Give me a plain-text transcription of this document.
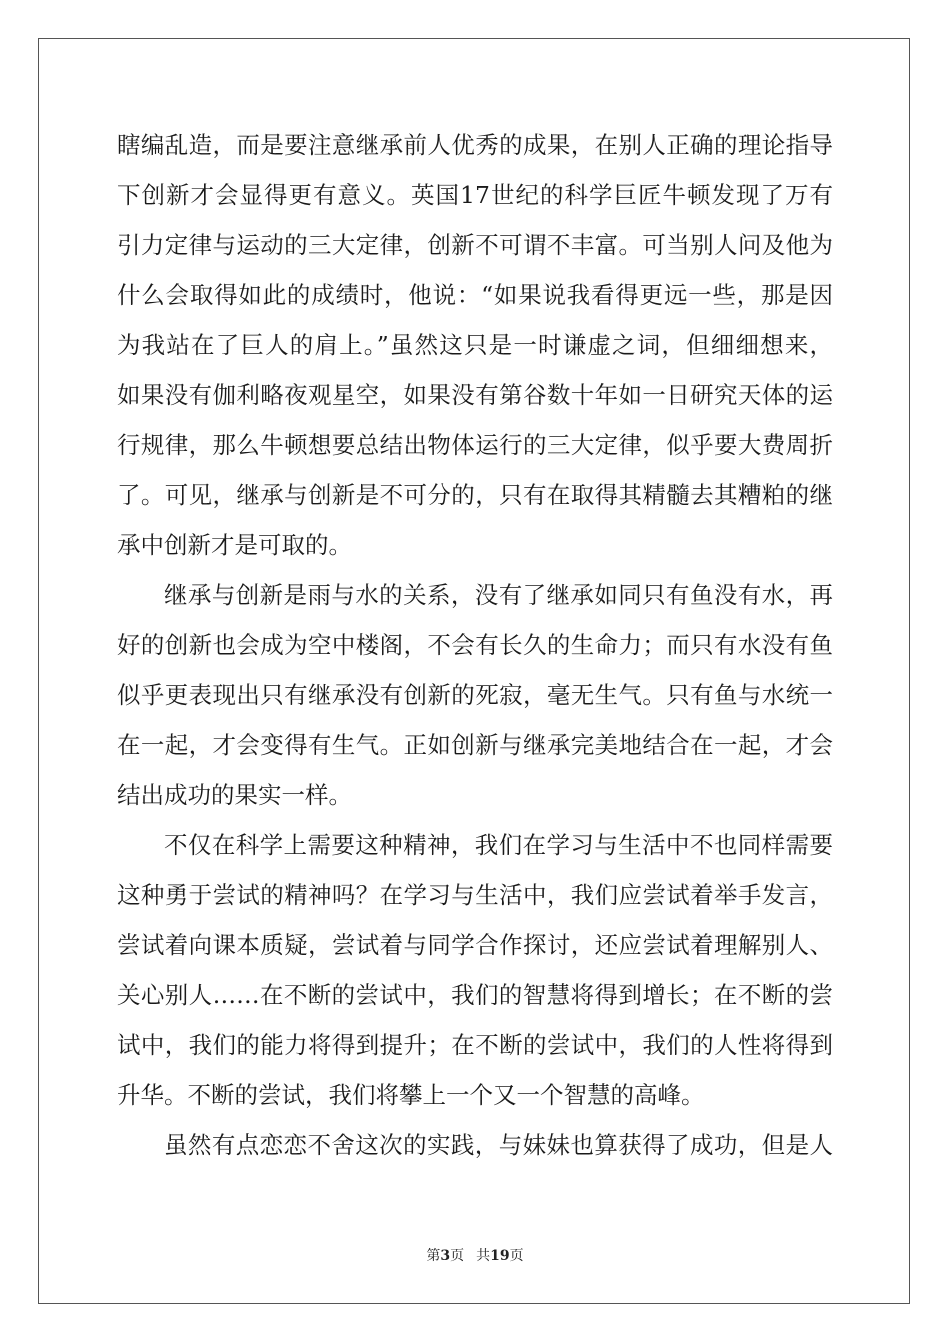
瞎编乱造，而是要注意继承前人优秀的成果，在别人正确的理论指导
下创新才会显得更有意义。英国17世纪的科学巨匠牛顿发现了万有
引力定律与运动的三大定律，创新不可谓不丰富。可当别人问及他为
什么会取得如此的成绩时，他说：“如果说我看得更远一些，那是因
为我站在了巨人的肩上。”虽然这只是一时谦虚之词，但细细想来，
如果没有伽利略夜观星空，如果没有第谷数十年如一日研究天体的运
行规律，那么牛顿想要总结出物体运行的三大定律，似乎要大费周折
了。可见，继承与创新是不可分的，只有在取得其精髓去其糟粕的继
承中创新才是可取的。
继承与创新是雨与水的关系，没有了继承如同只有鱼没有水，再
好的创新也会成为空中楼阁，不会有长久的生命力；而只有水没有鱼
似乎更表现出只有继承没有创新的死寂，毫无生气。只有鱼与水统一
在一起，才会变得有生气。正如创新与继承完美地结合在一起，才会
结出成功的果实一样。
不仅在科学上需要这种精神，我们在学习与生活中不也同样需要
这种勇于尝试的精神吗？在学习与生活中，我们应尝试着举手发言，
尝试着向课本质疑，尝试着与同学合作探讨，还应尝试着理解别人、
关心别人……在不断的尝试中，我们的智慧将得到增长；在不断的尝
试中，我们的能力将得到提升；在不断的尝试中，我们的人性将得到
升华。不断的尝试，我们将攀上一个又一个智慧的高峰。
虽然有点恋恋不舍这次的实践，与妹妹也算获得了成功，但是人
第3页 共19页
